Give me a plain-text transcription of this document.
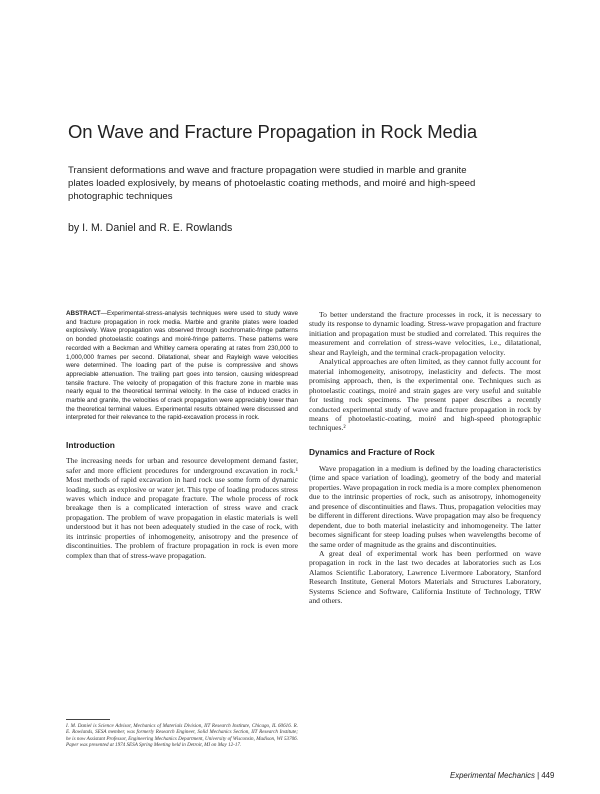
On Wave and Fracture Propagation in Rock Media
Transient deformations and wave and fracture propagation were studied in marble and granite plates loaded explosively, by means of photoelastic coating methods, and moiré and high-speed photographic techniques
by I. M. Daniel and R. E. Rowlands

ABSTRACT—Experimental-stress-analysis techniques were used to study wave and fracture propagation in rock media. Marble and granite plates were loaded explosively. Wave propagation was observed through isochromatic-fringe patterns on bonded photoelastic coatings and moiré-fringe patterns. These patterns were recorded with a Beckman and Whitley camera operating at rates from 230,000 to 1,000,000 frames per second. Dilatational, shear and Rayleigh wave velocities were determined. The loading part of the pulse is compressive and shows appreciable attenuation. The trailing part goes into tension, causing widespread tensile fracture. The velocity of propagation of this fracture zone in marble was nearly equal to the theoretical terminal velocity. In the case of induced cracks in marble and granite, the velocities of crack propagation were appreciably lower than the theoretical terminal values. Experimental results obtained were discussed and interpreted for their relevance to the rapid-excavation process in rock.

Introduction

The increasing needs for urban and resource development demand faster, safer and more efficient procedures for underground excavation in rock.¹ Most methods of rapid excavation in hard rock use some form of dynamic loading, such as explosive or water jet. This type of loading produces stress waves which induce and propagate fracture. The whole process of rock breakage then is a complicated interaction of stress wave and crack propagation. The problem of wave propagation in elastic materials is well understood but it has not been adequately studied in the case of rock, with its intrinsic properties of inhomogeneity, anisotropy and the presence of discontinuities. The problem of fracture propagation in rock is even more complex than that of stress-wave propagation.

I. M. Daniel is Science Advisor, Mechanics of Materials Division, IIT Research Institute, Chicago, IL 60616. R. E. Rowlands, SESA member, was formerly Research Engineer, Solid Mechanics Section, IIT Research Institute; he is now Assistant Professor, Engineering Mechanics Department, University of Wisconsin, Madison, WI 53706. Paper was presented at 1974 SESA Spring Meeting held in Detroit, MI on May 12-17.

To better understand the fracture processes in rock, it is necessary to study its response to dynamic loading. Stress-wave propagation and fracture initiation and propagation must be studied and correlated. This requires the measurement and correlation of stress-wave velocities, i.e., dilatational, shear and Rayleigh, and the terminal crack-propagation velocity.

Analytical approaches are often limited, as they cannot fully account for material inhomogeneity, anisotropy, inelasticity and defects. The most promising approach, then, is the experimental one. Techniques such as photoelastic coatings, moiré and strain gages are very useful and suitable for testing rock specimens. The present paper describes a recently conducted experimental study of wave and fracture propagation in rock by means of photoelastic-coating, moiré and high-speed photographic techniques.²

Dynamics and Fracture of Rock

Wave propagation in a medium is defined by the loading characteristics (time and space variation of loading), geometry of the body and material properties. Wave propagation in rock media is a more complex phenomenon due to the intrinsic properties of rock, such as anisotropy, inhomogeneity and presence of discontinuities and flaws. Thus, propagation velocities may be different in different directions. Wave propagation may also be frequency dependent, due to both material inelasticity and inhomogeneity. The latter becomes significant for steep loading pulses when wavelengths become of the same order of magnitude as the grains and discontinuities.

A great deal of experimental work has been performed on wave propagation in rock in the last two decades at laboratories such as Los Alamos Scientific Laboratory, Lawrence Livermore Laboratory, Stanford Research Institute, General Motors Materials and Structures Laboratory, Systems Science and Software, California Institute of Technology, TRW and others.

Experimental Mechanics | 449
